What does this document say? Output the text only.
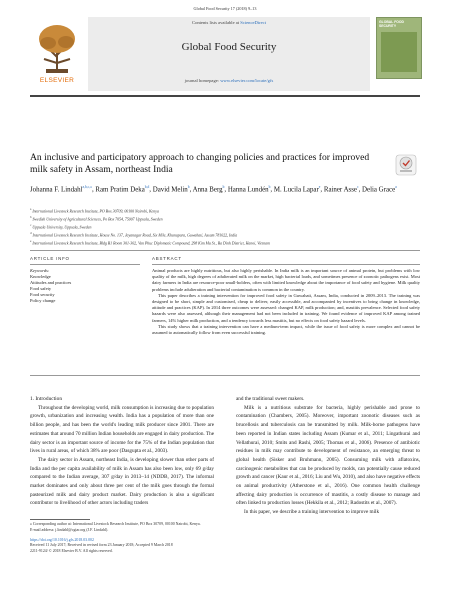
Global Food Security 17 (2018) 9–13
ELSEVIER
Contents lists available at ScienceDirect
Global Food Security
journal homepage: www.elsevier.com/locate/gfs
GLOBAL FOOD SECURITY
An inclusive and participatory approach to changing policies and practices for improved milk safety in Assam, northeast India
Johanna F. Lindahl$^{a,b,c,⁎}$, Ram Pratim Deka$^{b,d}$, David Melin$^b$, Anna Berg$^b$, Hanna Lundén$^b$, M. Lucila Lapar$^e$, Rainer Asse$^c$, Delia Grace$^a$
$^a$ International Livestock Research Institute, PO Box 30709, 00100 Nairobi, Kenya
$^b$ Swedish University of Agricultural Sciences, Po Box 7054, 75007 Uppsala, Sweden
$^c$ Uppsala University, Uppsala, Sweden
$^d$ International Livestock Research Institute, House No. 137, Jayanagar Road, Six Mile, Khanapara, Guwahati, Assam 781022, India
$^e$ International Livestock Research Institute, Bldg B1 Room 301-302, Van Phuc Diplomatic Compound, 298 Kim Ma St., Ba Dinh District, Hanoi, Vietnam
ARTICLE INFO	ABSTRACT
Keywords:
Knowledge
Attitudes and practices
Food safety
Food security
Policy change

Animal products are highly nutritious, but also highly perishable. In India milk is an important source of animal protein, but problems with low quality of the milk, high degrees of adulterated milk on the market, high bacterial loads, and sometimes presence of zoonotic pathogens exist. Most dairy farmers in India are resource-poor small-holders, often with limited knowledge about the importance of food safety and hygiene. Milk quality problems include adulteration and bacterial contamination is common in the country.

This paper describes a training intervention for improved food safety in Guwahati, Assam, India, conducted in 2009–2013. The training was designed to be short, simple and customised, cheap to deliver, easily accessible, and accompanied by incentives to bring change in knowledge, attitude and practices (KAP). In 2014 three outcomes were assessed: changed KAP, milk production; and, mastitis prevalence. Selected food safety hazards were also assessed, although their management had not been included in training. We found evidence of improved KAP among trained farmers, 14% higher milk production, and a tendency towards less mastitis, but no effects on food safety hazard levels.

This study shows that a training intervention can have a medium-term impact, while the issue of food safety is more complex and cannot be assumed to automatically follow from even successful training.

1. Introduction

Throughout the developing world, milk consumption is increasing due to population growth, urbanization and increasing wealth. India has a population of more than one billion people, and has been the world's leading milk producer since 2001. There are estimates that around 70 million Indian households are engaged in dairy production. The dairy sector is an important source of income for the 75% of the Indian population that lives in rural areas, of which 38% are poor (Dasgupta et al., 2003).

The dairy sector in Assam, northeast India, is developing slower than other parts of India and the per capita availability of milk in Assam has also been low, only 69 g/day compared to the Indian average, 307 g/day in 2013–14 (NDDB, 2017). The informal market dominates and only about three per cent of the milk goes through the formal pasteurized milk and dairy product market. Dairy production is also a significant contributor to livelihood of other actors including traders

and the traditional sweet makers.

Milk is a nutritious substrate for bacteria, highly perishable and prone to contamination (Chambers, 2005). Moreover, important zoonotic diseases such as brucellosis and tuberculosis can be transmitted by milk. Milk-borne pathogens have been reported in Indian states including Assam (Kumar et al., 2011; Lingathurai and Vellathurai, 2010; Smits and Rashi, 2005; Thomas et al., 2006). Presence of antibiotic residues in milk may contribute to development of resistance, an emerging threat to global health (Sisker and Bruhmann, 2005). Consuming milk with aflatoxins, carcinogenic metabolites that can be produced by molds, can potentially cause reduced growth and cancer (Kaur et al., 2016; Liu and Wu, 2010), and also have negative effects on animal productivity (Atherstone et al., 2016). One common health challenge affecting dairy production is occurrence of mastitis, a costly disease to manage and often linked to production losses (Hekkila et al., 2012; Radostits et al., 2007).

In this paper, we describe a training intervention to improve milk

⁎ Corresponding author at: International Livestock Research Institute, PO Box 30709, 00100 Nairobi, Kenya.
E-mail address: j.lindahl@cgiar.org (J.F. Lindahl).
https://doi.org/10.1016/j.gfs.2018.03.002
Received 11 July 2017; Received in revised form 23 January 2018; Accepted 9 March 2018
2211-9124/ © 2018 Elsevier B.V. All rights reserved.
